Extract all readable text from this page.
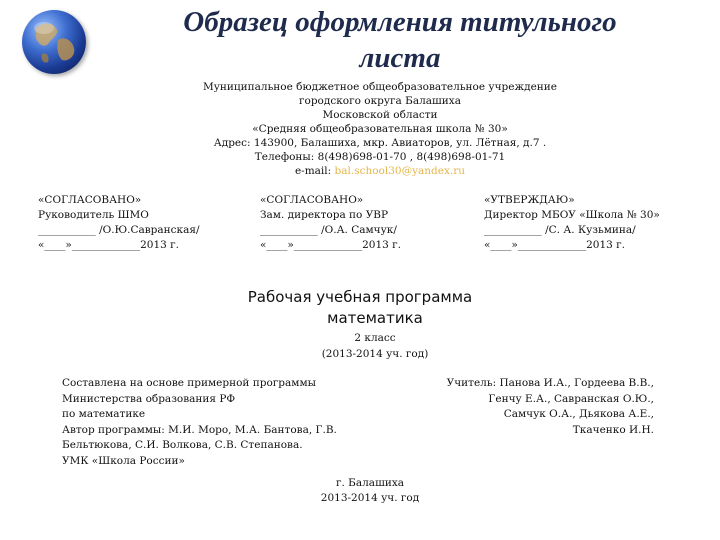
Образец оформления титульного листа
Муниципальное бюджетное общеобразовательное учреждение
городского округа Балашиха
Московской области
«Средняя общеобразовательная школа № 30»
Адрес: 143900, Балашиха, мкр. Авиаторов, ул. Лётная, д.7 .
Телефоны: 8(498)698-01-70 , 8(498)698-01-71
e-mail: bal.school30@yandex.ru
«СОГЛАСОВАНО»
Руководитель ШМО
___________ /О.Ю.Савранская/
«____»_____________2013 г.
«СОГЛАСОВАНО»
Зам. директора по УВР
___________ /О.А. Самчук/
«____»_____________2013 г.
«УТВЕРЖДАЮ»
Директор МБОУ «Школа № 30»
___________ /С. А. Кузьмина/
«____»_____________2013 г.
Рабочая учебная программа
математика
2 класс
(2013-2014 уч. год)
Составлена на основе примерной программы
Министерства образования РФ
по математике
Автор программы: М.И. Моро, М.А. Бантова, Г.В.
Бельтюкова, С.И. Волкова, С.В. Степанова.
УМК «Школа России»
Учитель: Панова И.А., Гордеева В.В.,
Генчу Е.А., Савранская О.Ю.,
Самчук О.А., Дьякова А.Е.,
Ткаченко И.Н.
г. Балашиха
2013-2014 уч. год
